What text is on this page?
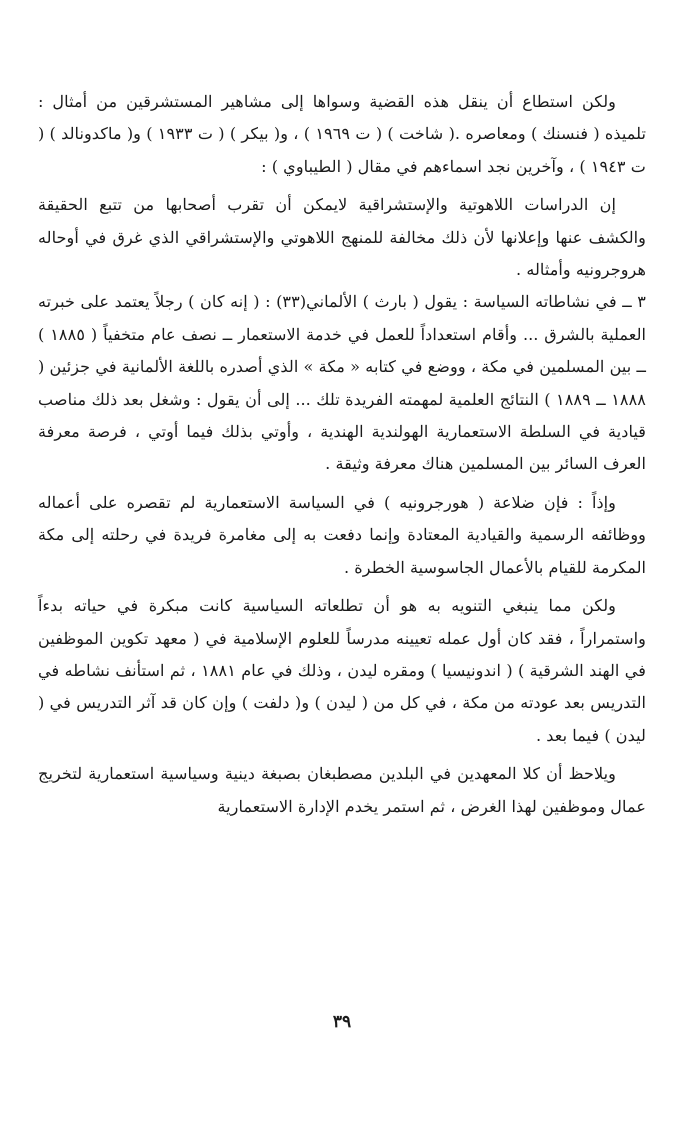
ولكن استطاع أن ينقل هذه القضية وسواها إلى مشاهير المستشرقين من أمثال : تلميذه ( فنسنك ) ومعاصره .( شاخت ) ( ت ١٩٦٩ ) ، و( بيكر ) ( ت ١٩٣٣ ) و( ماكدونالد ) ( ت ١٩٤٣ ) ، وآخرين نجد اسماءهم في مقال ( الطيباوي ) :

إن الدراسات اللاهوتية والإستشراقية لايمكن أن تقرب أصحابها من تتبع الحقيقة والكشف عنها وإعلانها لأن ذلك مخالفة للمنهج اللاهوتي والإستشراقي الذي غرق في أوحاله هروجرونيه وأمثاله .

٣ ــ في نشاطاته السياسة : يقول ( بارث ) الألماني(٣٣) : ( إنه كان ) رجلاً يعتمد على خبرته العملية بالشرق ... وأقام استعداداً للعمل في خدمة الاستعمار ــ نصف عام متخفياً ( ١٨٨٥ ) ــ بين المسلمين في مكة ، ووضع في كتابه « مكة » الذي أصدره باللغة الألمانية في جزئين ( ١٨٨٨ ــ ١٨٨٩ ) النتائج العلمية لمهمته الفريدة تلك ... إلى أن يقول : وشغل بعد ذلك مناصب قيادية في السلطة الاستعمارية الهولندية الهندية ، وأوتي بذلك فيما أوتي ، فرصة معرفة العرف السائر بين المسلمين هناك معرفة وثيقة .

وإذاً : فإن ضلاعة ( هورجرونيه ) في السياسة الاستعمارية لم تقصره على أعماله ووظائفه الرسمية والقيادية المعتادة وإنما دفعت به إلى مغامرة فريدة في رحلته إلى مكة المكرمة للقيام بالأعمال الجاسوسية الخطرة .

ولكن مما ينبغي التنويه به هو أن تطلعاته السياسية كانت مبكرة في حياته بدءاً واستمراراً ، فقد كان أول عمله تعيينه مدرساً للعلوم الإسلامية في ( معهد تكوين الموظفين في الهند الشرقية ) ( اندونيسيا ) ومقره ليدن ، وذلك في عام ١٨٨١ ، ثم استأنف نشاطه في التدريس بعد عودته من مكة ، في كل من ( ليدن ) و( دلفت ) وإن كان قد آثر التدريس في ( ليدن ) فيما بعد .

ويلاحظ أن كلا المعهدين في البلدين مصطبغان بصبغة دينية وسياسية استعمارية لتخريج عمال وموظفين لهذا الغرض ، ثم استمر يخدم الإدارة الاستعمارية

٣٩
